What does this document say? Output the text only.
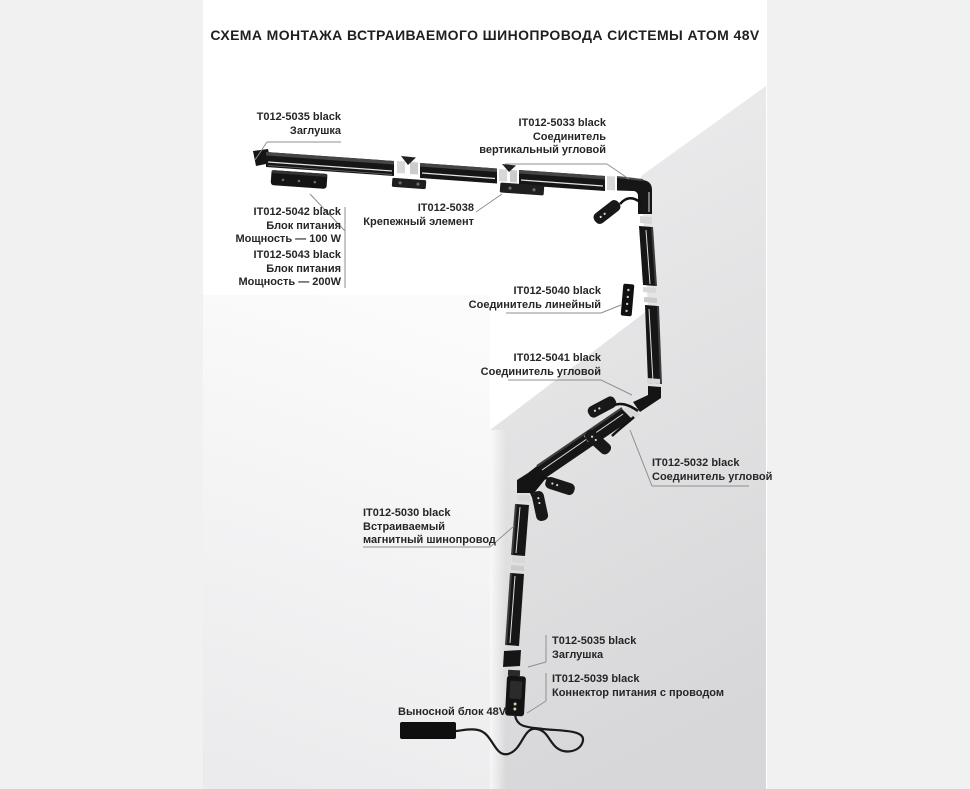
СХЕМА МОНТАЖА ВСТРАИВАЕМОГО ШИНОПРОВОДА СИСТЕМЫ АТОМ 48V
T012-5035 black
Заглушка
IT012-5042 black
Блок питания
Мощность — 100 W
IT012-5043 black
Блок питания
Мощность — 200W
IT012-5038
Крепежный элемент
IT012-5033 black
Соединитель
вертикальный угловой
IT012-5040 black
Соединитель линейный
IT012-5041 black
Соединитель угловой
IT012-5032 black
Соединитель угловой
IT012-5030 black
Встраиваемый
магнитный шинопровод
T012-5035 black
Заглушка
IT012-5039 black
Коннектор питания с проводом
Выносной блок 48V
